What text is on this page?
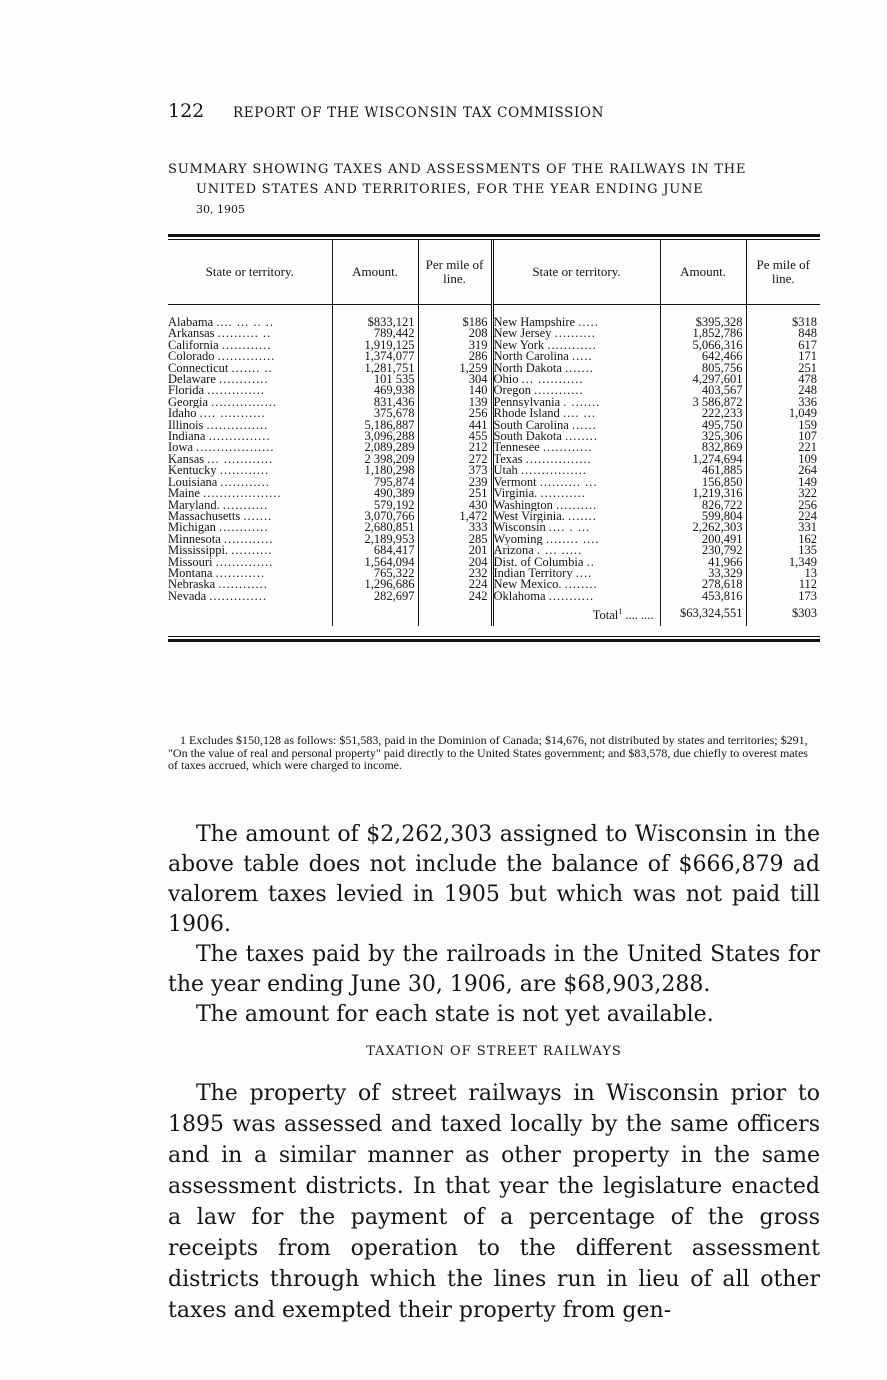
122 REPORT OF THE WISCONSIN TAX COMMISSION
SUMMARY SHOWING TAXES AND ASSESSMENTS OF THE RAILWAYS IN THE
UNITED STATES AND TERRITORIES, FOR THE YEAR ENDING JUNE
30, 1905
State or territory.	Amount.	Per mile of line.	State or territory.	Amount.	Pe mile of line.

Alabama .... ... .. ..	$833,121	$186	New Hampshire .....	$395,328	$318
Arkansas .......... ..	789,442	208	New Jersey ..........	1,852,786	848
California ............	1,919,125	319	New York ............	5,066,316	617
Colorado ..............	1,374,077	286	North Carolina .....	642,466	171
Connecticut ....... ..	1,281,751	1,259	North Dakota .......	805,756	251
Delaware ............	101 535	304	Ohio ... ...........	4,297,601	478
Florida ..............	469,938	140	Oregon ............	403,567	248
Georgia ................	831,436	139	Pennsylvania . .......	3 586,872	336
Idaho .... ...........	375,678	256	Rhode Island .... ...	222,233	1,049
Illinois ...............	5,186,887	441	South Carolina ......	495,750	159
Indiana ...............	3,096,288	455	South Dakota ........	325,306	107
Iowa ...................	2,089,289	212	Tennesee ............	832,869	221
Kansas ... ............	2 398,209	272	Texas ................	1,274,694	109
Kentucky ............	1,180,298	373	Utah ................	461,885	264
Louisiana ............	795,874	239	Vermont .......... ...	156,850	149
Maine ...................	490,389	251	Virginia. ...........	1,219,316	322
Maryland. ...........	579,192	430	Washington ..........	826,722	256
Massachusetts .......	3,070,766	1,472	West Virginia. .......	599,804	224
Michigan ............	2,680,851	333	Wisconsin .... . ...	2,262,303	331
Minnesota ............	2,189,953	285	Wyoming ........ ....	200,491	162
Mississippi. ..........	684,417	201	Arizona . ... .....	230,792	135
Missouri ..............	1,564,094	204	Dist. of Columbia ..	41,966	1,349
Montana ............	765,322	232	Indian Territory ....	33,329	13
Nebraska ............	1,296,686	224	New Mexico. ........	278,618	112
Nevada ..............	282,697	242	Oklahoma ...........	453,816	173
			Total$^1$ .... ....	$63,324,551	$303

1 Excludes $150,128 as follows: $51,583, paid in the Dominion of Canada; $14,676, not distributed by states and territories; $291, "On the value of real and personal property" paid directly to the United States government; and $83,578, due chiefly to overest mates of taxes accrued, which were charged to income.

The amount of $2,262,303 assigned to Wisconsin in the above table does not include the balance of $666,879 ad valorem taxes levied in 1905 but which was not paid till 1906.

The taxes paid by the railroads in the United States for the year ending June 30, 1906, are $68,903,288.

The amount for each state is not yet available.

TAXATION OF STREET RAILWAYS

The property of street railways in Wisconsin prior to 1895 was assessed and taxed locally by the same officers and in a similar manner as other property in the same assessment districts. In that year the legislature enacted a law for the payment of a percentage of the gross receipts from operation to the different assessment districts through which the lines run in lieu of all other taxes and exempted their property from gen-
